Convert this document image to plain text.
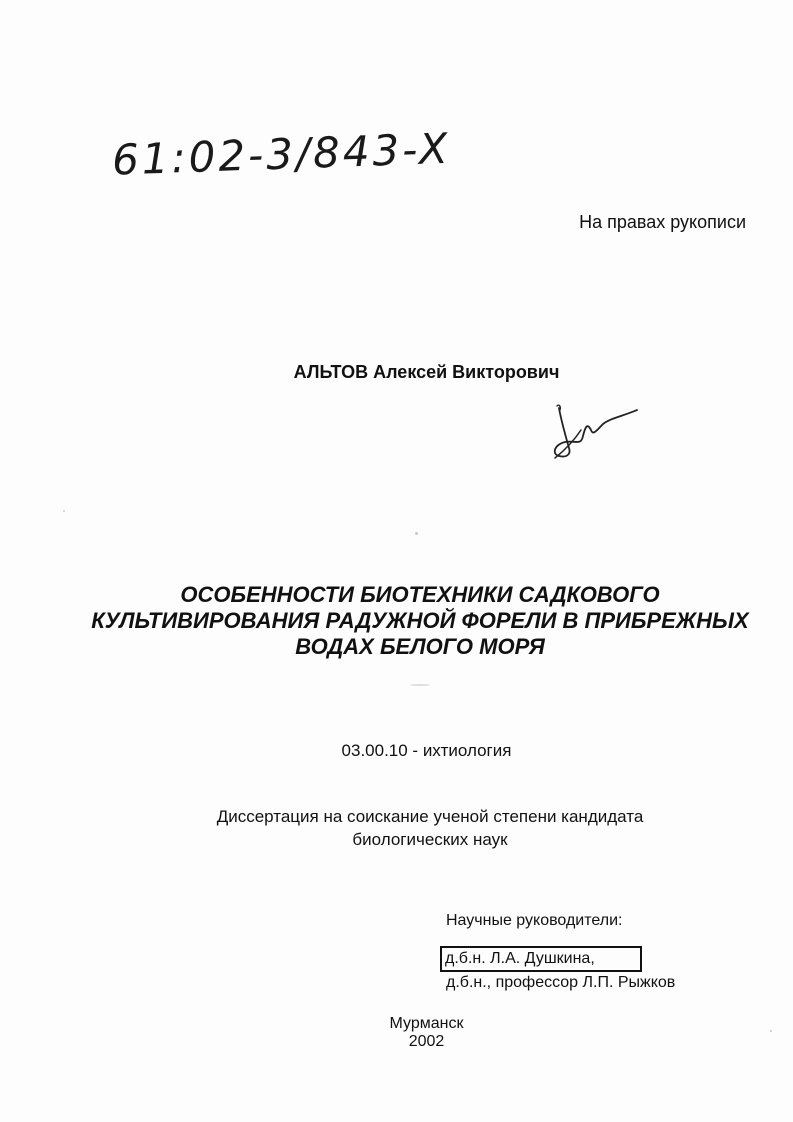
61:02-3/843-X
На правах рукописи
АЛЬТОВ Алексей Викторович
ОСОБЕННОСТИ БИОТЕХНИКИ САДКОВОГО
КУЛЬТИВИРОВАНИЯ РАДУЖНОЙ ФОРЕЛИ В ПРИБРЕЖНЫХ
ВОДАХ БЕЛОГО МОРЯ
03.00.10 - ихтиология
Диссертация на соискание ученой степени кандидата
биологических наук
Научные руководители:
д.б.н. Л.А. Душкина,
д.б.н., профессор Л.П. Рыжков
Мурманск
2002
